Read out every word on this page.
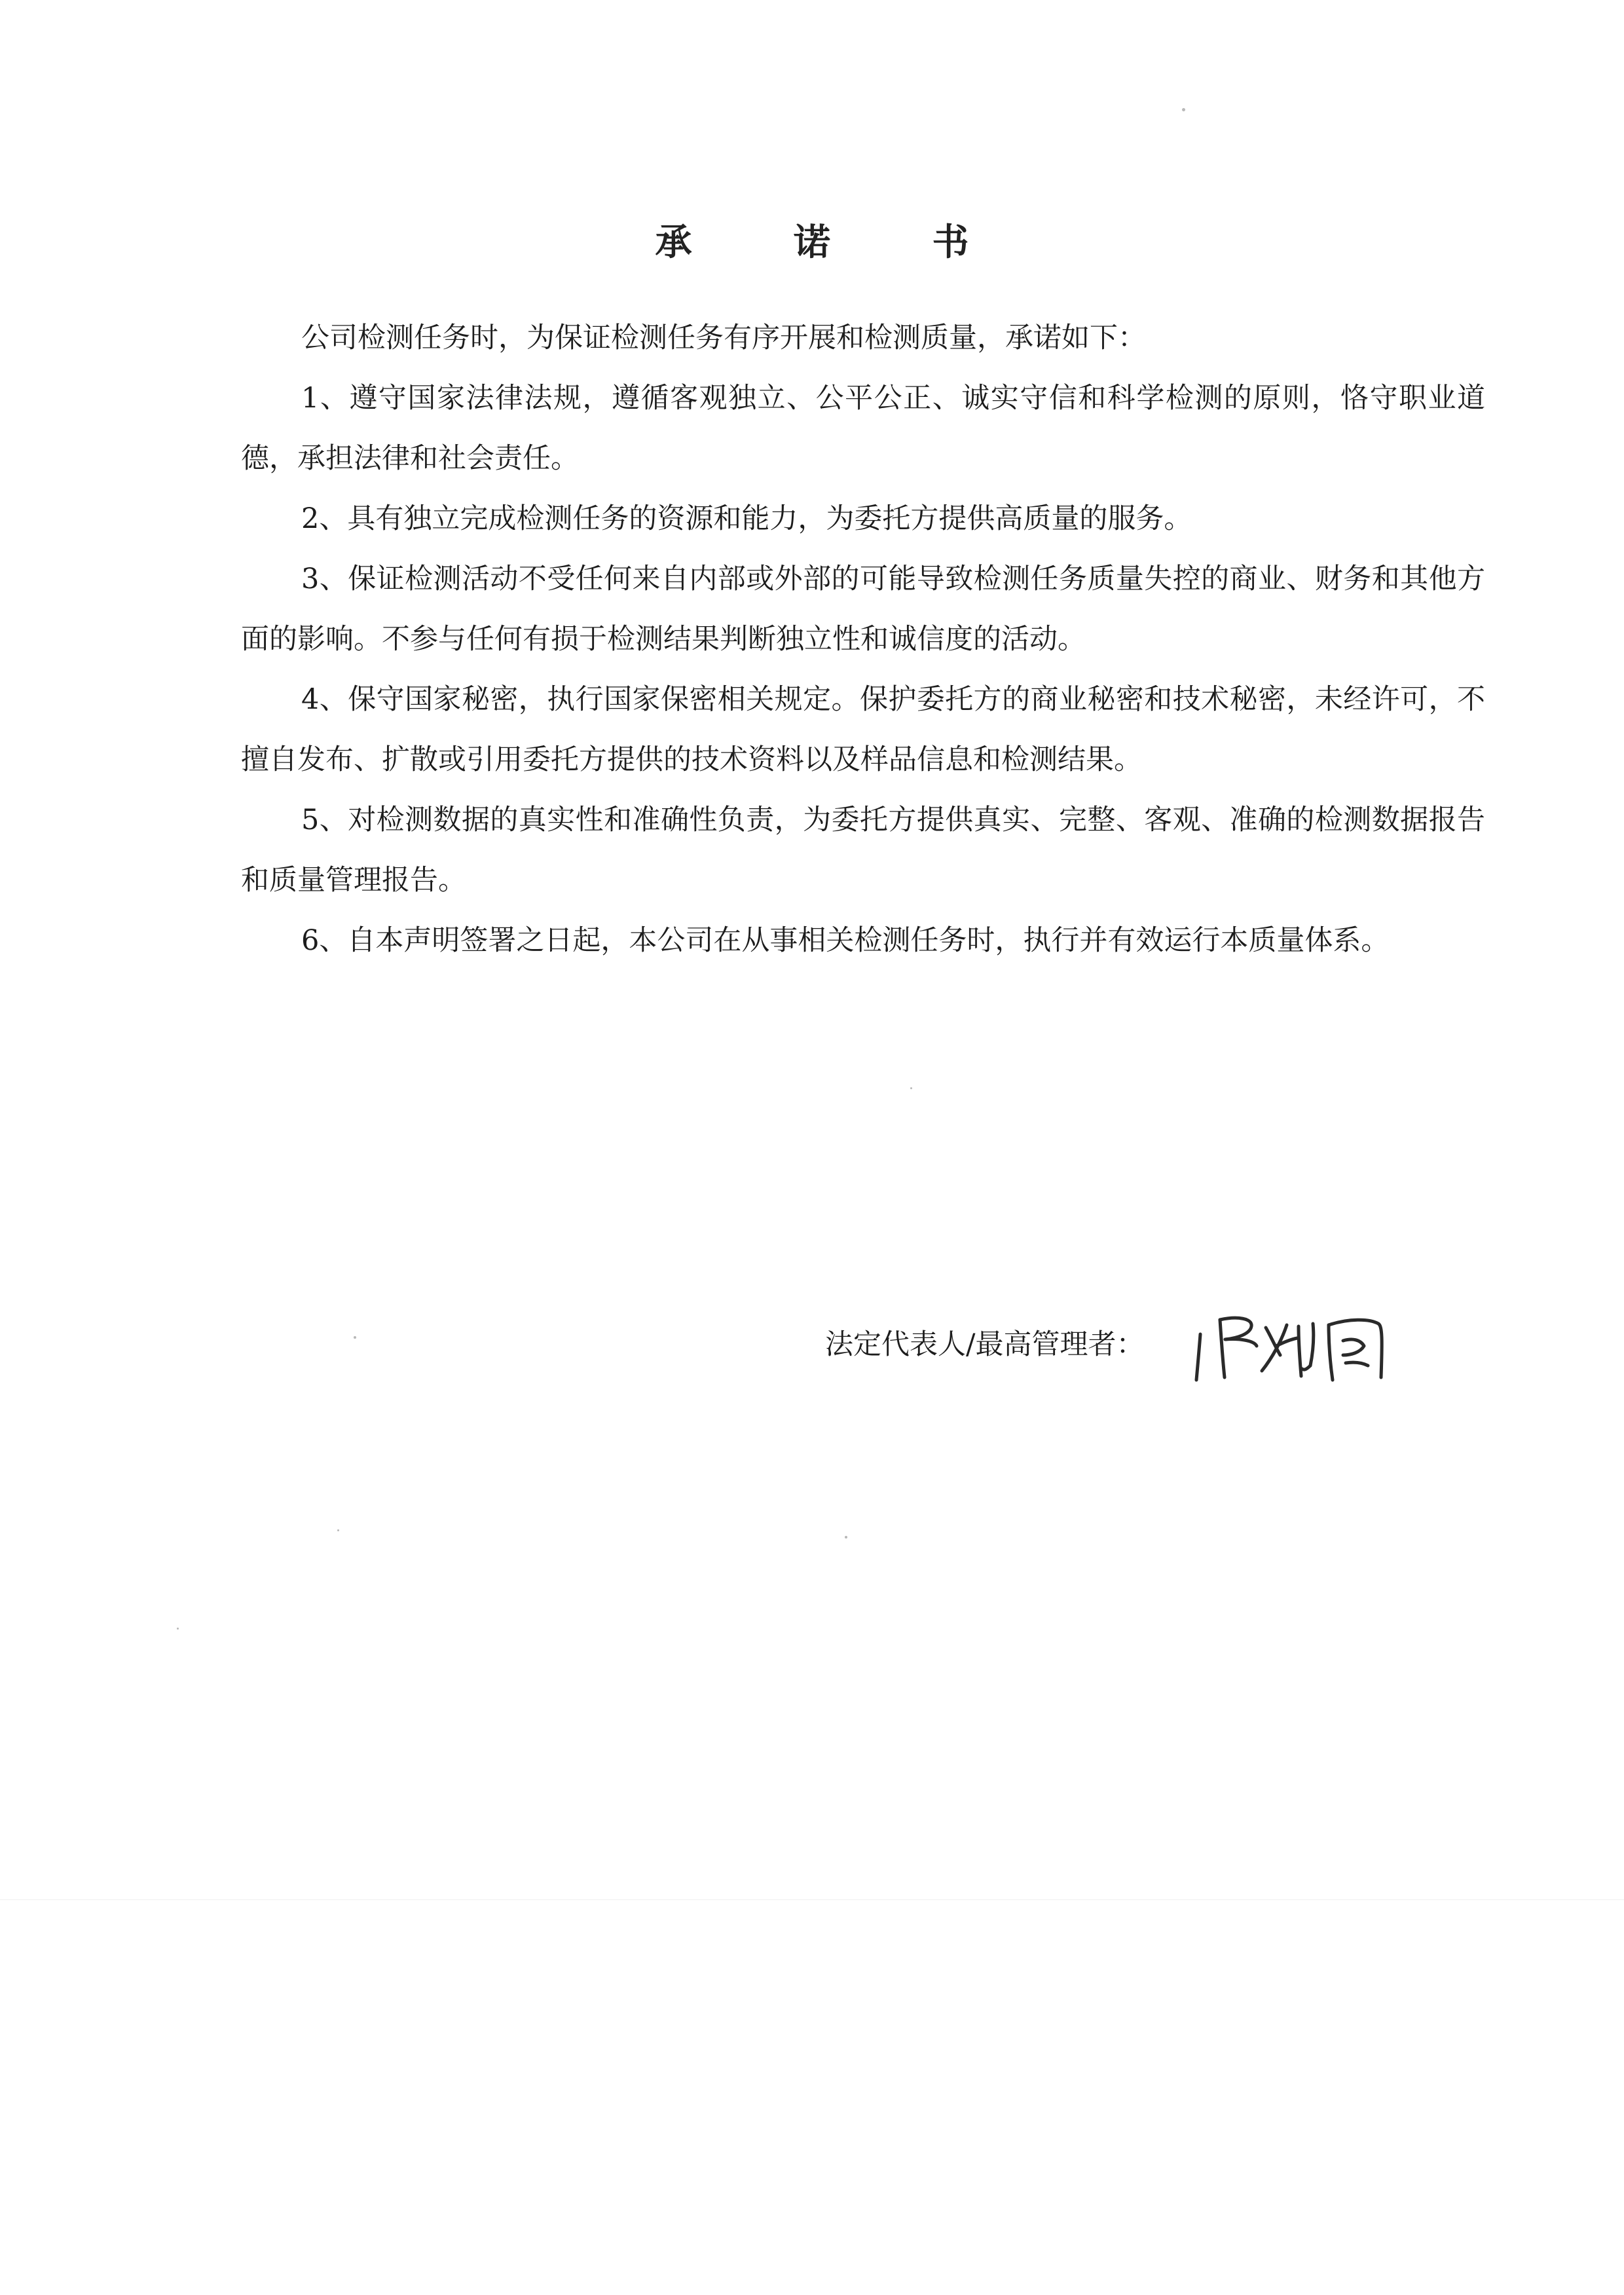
承 诺 书

公司检测任务时，为保证检测任务有序开展和检测质量，承诺如下：

1、遵守国家法律法规，遵循客观独立、公平公正、诚实守信和科学检测的原则，恪守职业道德，承担法律和社会责任。

2、具有独立完成检测任务的资源和能力，为委托方提供高质量的服务。

3、保证检测活动不受任何来自内部或外部的可能导致检测任务质量失控的商业、财务和其他方面的影响。不参与任何有损于检测结果判断独立性和诚信度的活动。

4、保守国家秘密，执行国家保密相关规定。保护委托方的商业秘密和技术秘密，未经许可，不擅自发布、扩散或引用委托方提供的技术资料以及样品信息和检测结果。

5、对检测数据的真实性和准确性负责，为委托方提供真实、完整、客观、准确的检测数据报告和质量管理报告。

6、自本声明签署之日起，本公司在从事相关检测任务时，执行并有效运行本质量体系。

法定代表人/最高管理者：
